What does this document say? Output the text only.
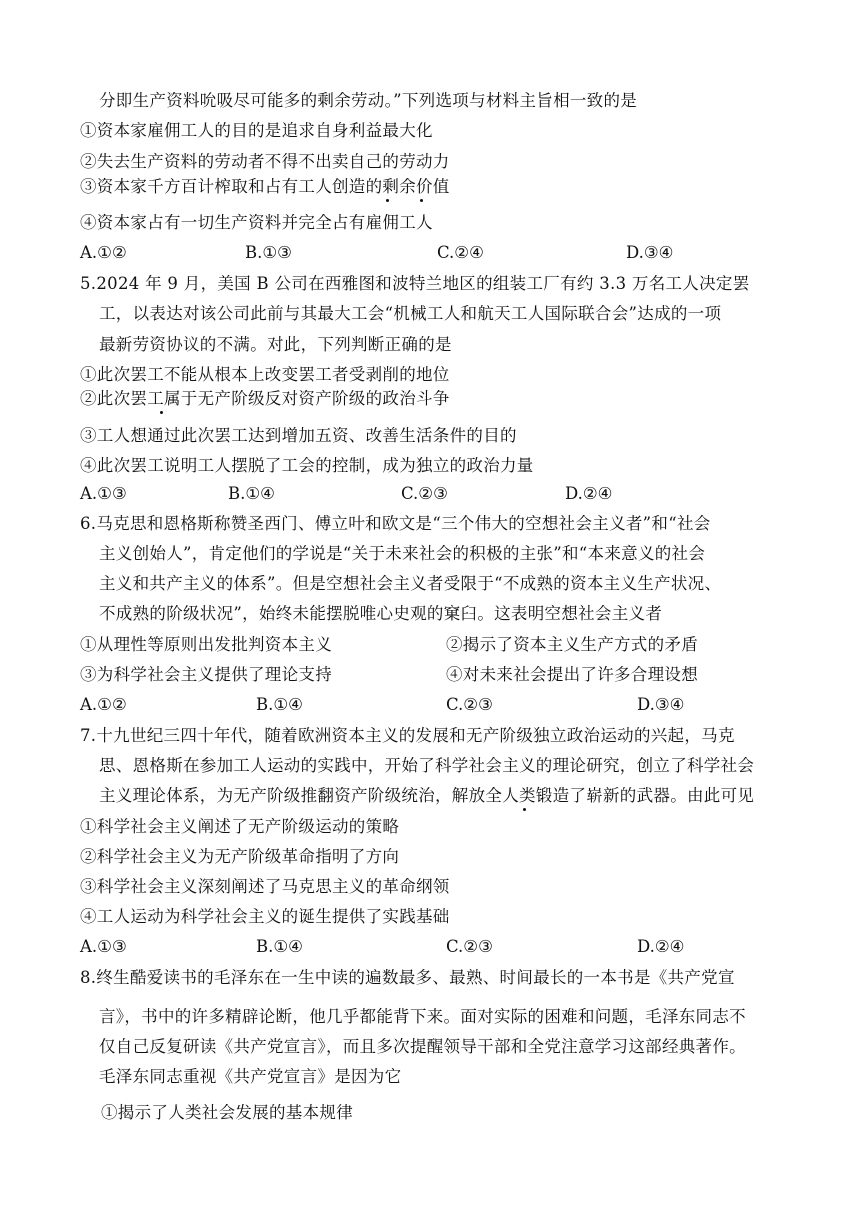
分即生产资料吮吸尽可能多的剩余劳动。”下列选项与材料主旨相一致的是
①资本家雇佣工人的目的是追求自身利益最大化
②失去生产资料的劳动者不得不出卖自己的劳动力
③资本家千方百计榨取和占有工人创造的剩余价值
④资本家占有一切生产资料并完全占有雇佣工人
A.①②	B.①③	C.②④	D.③④
5.2024 年 9 月，美国 B 公司在西雅图和波特兰地区的组装工厂有约 3.3 万名工人决定罢
工，以表达对该公司此前与其最大工会“机械工人和航天工人国际联合会”达成的一项
最新劳资协议的不满。对此，下列判断正确的是
①此次罢工不能从根本上改变罢工者受剥削的地位
②此次罢工属于无产阶级反对资产阶级的政治斗争
③工人想通过此次罢工达到增加五资、改善生活条件的目的
④此次罢工说明工人摆脱了工会的控制，成为独立的政治力量
A.①③	B.①④	C.②③	D.②④
6.马克思和恩格斯称赞圣西门、傅立叶和欧文是“三个伟大的空想社会主义者”和“社会
主义创始人”，肯定他们的学说是“关于未来社会的积极的主张”和“本来意义的社会
主义和共产主义的体系”。但是空想社会主义者受限于“不成熟的资本主义生产状况、
不成熟的阶级状况”，始终未能摆脱唯心史观的窠臼。这表明空想社会主义者
①从理性等原则出发批判资本主义	②揭示了资本主义生产方式的矛盾
③为科学社会主义提供了理论支持	④对未来社会提出了许多合理设想
A.①②	B.①④	C.②③	D.③④
7.十九世纪三四十年代，随着欧洲资本主义的发展和无产阶级独立政治运动的兴起，马克
思、恩格斯在参加工人运动的实践中，开始了科学社会主义的理论研究，创立了科学社会
主义理论体系，为无产阶级推翻资产阶级统治，解放全人类锻造了崭新的武器。由此可见
①科学社会主义阐述了无产阶级运动的策略
②科学社会主义为无产阶级革命指明了方向
③科学社会主义深刻阐述了马克思主义的革命纲领
④工人运动为科学社会主义的诞生提供了实践基础
A.①③	B.①④	C.②③	D.②④
8.终生酷爱读书的毛泽东在一生中读的遍数最多、最熟、时间最长的一本书是《共产党宣
言》，书中的许多精辟论断，他几乎都能背下来。面对实际的困难和问题，毛泽东同志不
仅自己反复研读《共产党宣言》，而且多次提醒领导干部和全党注意学习这部经典著作。
毛泽东同志重视《共产党宣言》是因为它
①揭示了人类社会发展的基本规律
